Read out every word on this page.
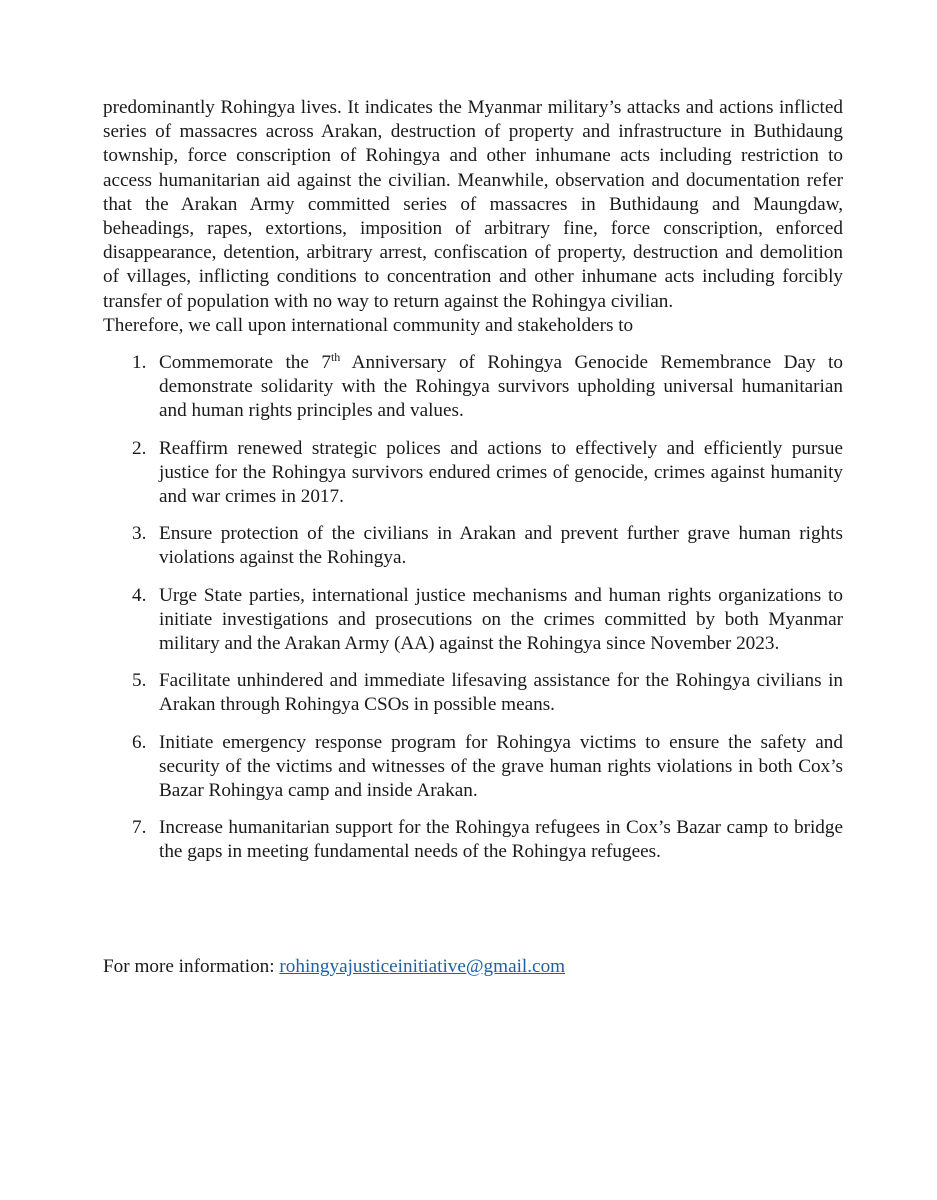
predominantly Rohingya lives. It indicates the Myanmar military’s attacks and actions inflicted series of massacres across Arakan, destruction of property and infrastructure in Buthidaung township, force conscription of Rohingya and other inhumane acts including restriction to access humanitarian aid against the civilian. Meanwhile, observation and documentation refer that the Arakan Army committed series of massacres in Buthidaung and Maungdaw, beheadings, rapes, extortions, imposition of arbitrary fine, force conscription, enforced disappearance, detention, arbitrary arrest, confiscation of property, destruction and demolition of villages, inflicting conditions to concentration and other inhumane acts including forcibly transfer of population with no way to return against the Rohingya civilian.

Therefore, we call upon international community and stakeholders to

1. Commemorate the 7th Anniversary of Rohingya Genocide Remembrance Day to demonstrate solidarity with the Rohingya survivors upholding universal humanitarian and human rights principles and values.
2. Reaffirm renewed strategic polices and actions to effectively and efficiently pursue justice for the Rohingya survivors endured crimes of genocide, crimes against humanity and war crimes in 2017.
3. Ensure protection of the civilians in Arakan and prevent further grave human rights violations against the Rohingya.
4. Urge State parties, international justice mechanisms and human rights organizations to initiate investigations and prosecutions on the crimes committed by both Myanmar military and the Arakan Army (AA) against the Rohingya since November 2023.
5. Facilitate unhindered and immediate lifesaving assistance for the Rohingya civilians in Arakan through Rohingya CSOs in possible means.
6. Initiate emergency response program for Rohingya victims to ensure the safety and security of the victims and witnesses of the grave human rights violations in both Cox’s Bazar Rohingya camp and inside Arakan.
7. Increase humanitarian support for the Rohingya refugees in Cox’s Bazar camp to bridge the gaps in meeting fundamental needs of the Rohingya refugees.

For more information: rohingyajusticeinitiative@gmail.com
